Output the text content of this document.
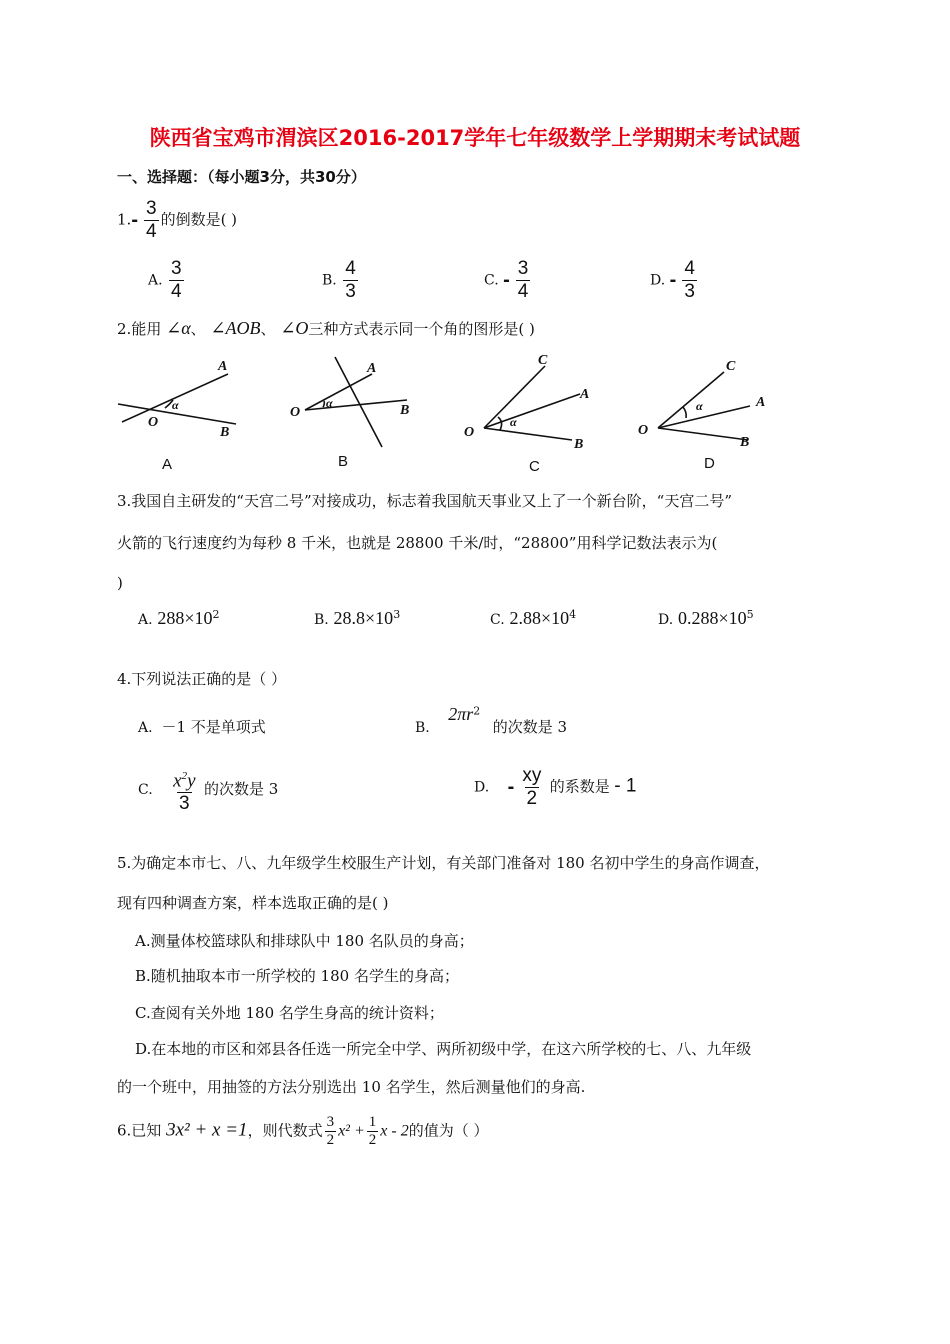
陕西省宝鸡市渭滨区2016-2017学年七年级数学上学期期末考试试题
一、选择题：（每小题3分，共30分）
$1.- \frac{3}{4}$ 的倒数是( )
A. $\frac{3}{4}$	B. $\frac{4}{3}$	C. - $\frac{3}{4}$	D. - $\frac{4}{3}$
2.能用 ∠α、 ∠AOB、 ∠O三种方式表示同一个角的图形是( )
A
B
O
α
A
B
O
α
C
A
B
O
α
C
A
B
O
α
A	B	C	D
3.我国自主研发的“天宫二号”对接成功，标志着我国航天事业又上了一个新台阶，“天宫二号”
火箭的飞行速度约为每秒 8 千米，也就是 28800 千米/时，“28800”用科学记数法表示为(
)
A. $288\times 10^2$	B. $28.8\times 10^3$	C. $2.88\times 10^4$	D. $0.288\times 10^5$
4.下列说法正确的是（ ）
A. －1 不是单项式	B. $2\pi r^2$ 的次数是 3
C. $\frac{x^2y}{3}$ 的次数是 3	D. - $\frac{xy}{2}$ 的系数是 - 1
5.为确定本市七、八、九年级学生校服生产计划，有关部门准备对 180 名初中学生的身高作调查，
现有四种调查方案，样本选取正确的是( )
A.测量体校篮球队和排球队中 180 名队员的身高；
B.随机抽取本市一所学校的 180 名学生的身高；
C.查阅有关外地 180 名学生身高的统计资料；
D.在本地的市区和郊县各任选一所完全中学、两所初级中学，在这六所学校的七、八、九年级
的一个班中，用抽签的方法分别选出 10 名学生，然后测量他们的身高.
6.已知 3x² + x =1，则代数式 $\frac{3}{2} x^2 + \frac{1}{2}$ x - 2的值为（ ）
